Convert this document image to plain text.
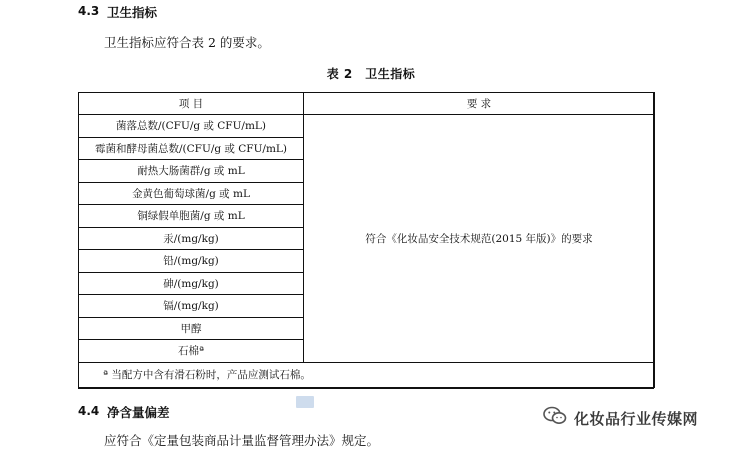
4.3 卫生指标
卫生指标应符合表 2 的要求。
表 2　卫生指标
项 目	要 求
菌落总数/(CFU/g 或 CFU/mL)	符合《化妆品安全技术规范(2015 年版)》的要求
霉菌和酵母菌总数/(CFU/g 或 CFU/mL)	
耐热大肠菌群/g 或 mL	
金黄色葡萄球菌/g 或 mL	
铜绿假单胞菌/g 或 mL	
汞/(mg/kg)	
铅/(mg/kg)	
砷/(mg/kg)	
镉/(mg/kg)	
甲醇	
石棉ª	
ª 当配方中含有滑石粉时，产品应测试石棉。	
4.4 净含量偏差
应符合《定量包装商品计量监督管理办法》规定。
化妆品行业传媒网
